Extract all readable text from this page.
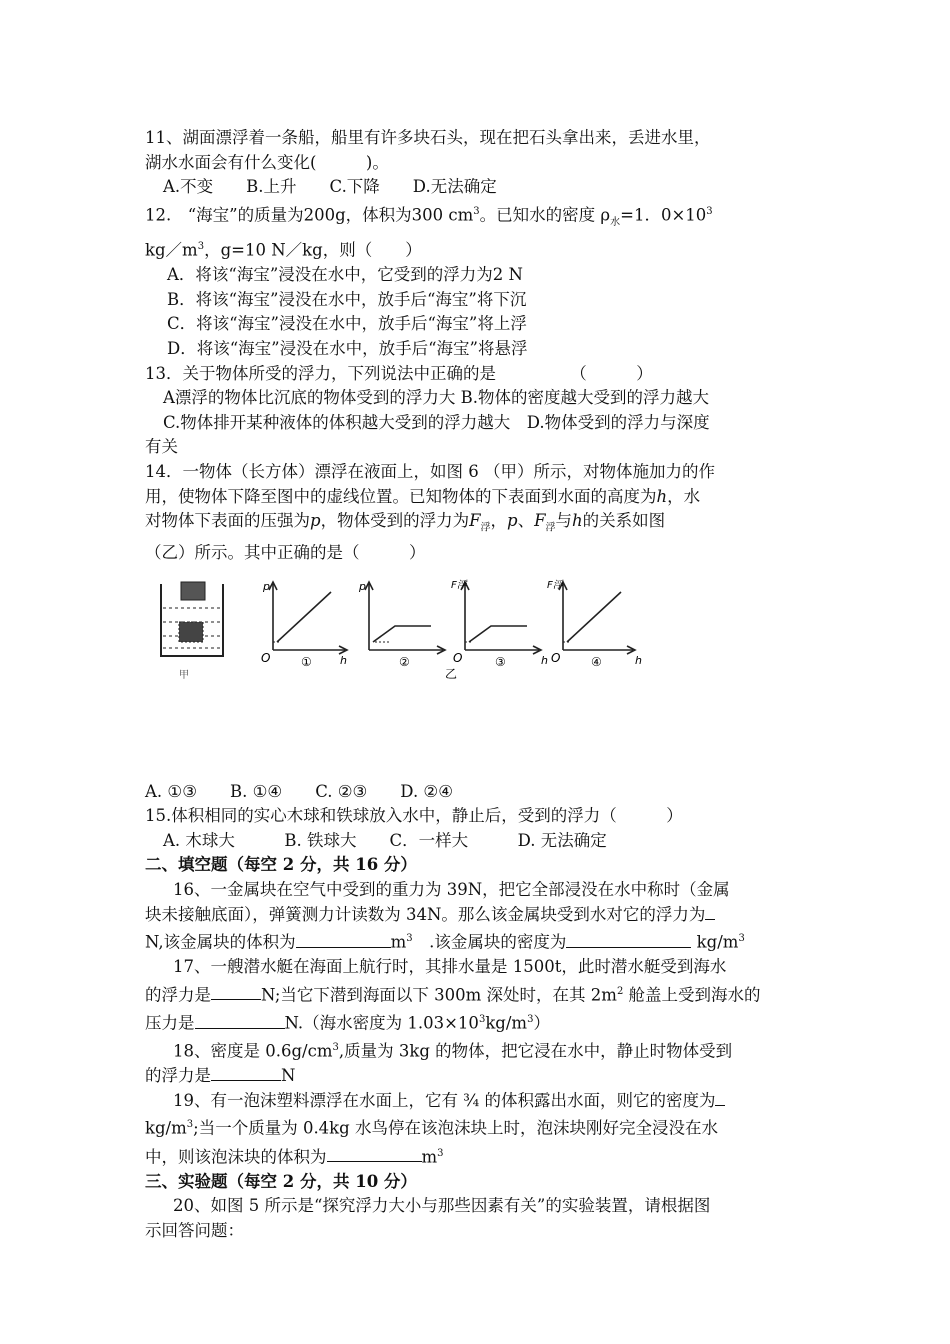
11、湖面漂浮着一条船，船里有许多块石头，现在把石头拿出来，丢进水里，
湖水水面会有什么变化(　　　)。
A.不变　　B.上升　　C.下降　　D.无法确定
12.　“海宝”的质量为200g，体积为300 $cm^3$。已知水的密度 $\rho_水=1$．$0\times 10^3$
$kg/m^3$，g=10 N／kg，则（　　）
A．将该“海宝”浸没在水中，它受到的浮力为2 N
B．将该“海宝”浸没在水中，放手后“海宝”将下沉
C．将该“海宝”浸没在水中，放手后“海宝”将上浮
D．将该“海宝”浸没在水中，放手后“海宝”将悬浮
13．关于物体所受的浮力，下列说法中正确的是　　　　　（　　　）
A漂浮的物体比沉底的物体受到的浮力大 B.物体的密度越大受到的浮力越大
C.物体排开某种液体的体积越大受到的浮力越大　D.物体受到的浮力与深度
有关
14．一物体（长方体）漂浮在液面上，如图 6 （甲）所示，对物体施加力的作
用，使物体下降至图中的虚线位置。已知物体的下表面到水面的高度为h，水
对物体下表面的压强为p，物体受到的浮力为$F_浮$，p、$F_浮$与h的关系如图
（乙）所示。其中正确的是（　　　）
甲
p
O	h
①
p
②
F浮
O
乙
h
③
F浮
O	h
④
A. ①③　　B. ①④　　C. ②③　　D. ②④
15.体积相同的实心木球和铁球放入水中，静止后，受到的浮力（　　　）
A. 木球大　　　B. 铁球大　　C．一样大　　　D. 无法确定
二、填空题（每空 2 分，共 16 分）
16、一金属块在空气中受到的重力为 39N，把它全部浸没在水中称时（金属
块未接触底面），弹簧测力计读数为 34N。那么该金属块受到水对它的浮力为
N,该金属块的体积为	$m^3$　.该金属块的密度为	$kg/m^3$
17、一艘潜水艇在海面上航行时，其排水量是 1500t，此时潜水艇受到海水
的浮力是	N;当它下潜到海面以下 300m 深处时，在其 $2m^2$ 舱盖上受到海水的
压力是	N.（海水密度为 $1.03\times 10^3kg/m^3$）
18、密度是 $0.6g/cm^3$,质量为 3kg 的物体，把它浸在水中，静止时物体受到
的浮力是	N
19、有一泡沫塑料漂浮在水面上，它有 ¾ 的体积露出水面，则它的密度为
$kg/m^3$;当一个质量为 0.4kg 水鸟停在该泡沫块上时，泡沫块刚好完全浸没在水
中，则该泡沫块的体积为	$m^3$
三、实验题（每空 2 分，共 10 分）
20、如图 5 所示是“探究浮力大小与那些因素有关”的实验装置，请根据图
示回答问题：
